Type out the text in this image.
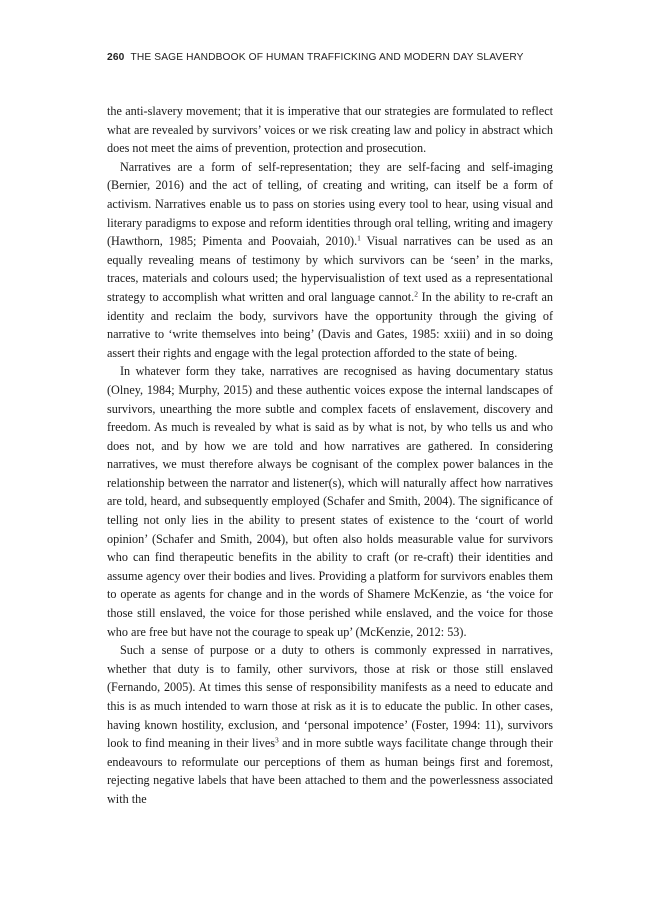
260 THE SAGE HANDBOOK OF HUMAN TRAFFICKING AND MODERN DAY SLAVERY

the anti-slavery movement; that it is imperative that our strategies are formulated to reflect what are revealed by survivors’ voices or we risk creating law and policy in abstract which does not meet the aims of prevention, protection and prosecution.

Narratives are a form of self-representation; they are self-facing and self-imaging (Bernier, 2016) and the act of telling, of creating and writing, can itself be a form of activism. Narratives enable us to pass on stories using every tool to hear, using visual and literary paradigms to expose and reform identities through oral telling, writing and imagery (Hawthorn, 1985; Pimenta and Poovaiah, 2010).$^1$ Visual narratives can be used as an equally revealing means of testimony by which survivors can be ‘seen’ in the marks, traces, materials and colours used; the hypervisualistion of text used as a representational strategy to accomplish what written and oral language cannot.$^2$ In the ability to re-craft an identity and reclaim the body, survivors have the opportunity through the giving of narrative to ‘write themselves into being’ (Davis and Gates, 1985: xxiii) and in so doing assert their rights and engage with the legal protection afforded to the state of being.

In whatever form they take, narratives are recognised as having documentary status (Olney, 1984; Murphy, 2015) and these authentic voices expose the internal landscapes of survivors, unearthing the more subtle and complex facets of enslavement, discovery and freedom. As much is revealed by what is said as by what is not, by who tells us and who does not, and by how we are told and how narratives are gathered. In considering narratives, we must therefore always be cognisant of the complex power balances in the relationship between the narrator and listener(s), which will naturally affect how narratives are told, heard, and subsequently employed (Schafer and Smith, 2004). The significance of telling not only lies in the ability to present states of existence to the ‘court of world opinion’ (Schafer and Smith, 2004), but often also holds measurable value for survivors who can find therapeutic benefits in the ability to craft (or re-craft) their identities and assume agency over their bodies and lives. Providing a platform for survivors enables them to operate as agents for change and in the words of Shamere McKenzie, as ‘the voice for those still enslaved, the voice for those perished while enslaved, and the voice for those who are free but have not the courage to speak up’ (McKenzie, 2012: 53).

Such a sense of purpose or a duty to others is commonly expressed in narratives, whether that duty is to family, other survivors, those at risk or those still enslaved (Fernando, 2005). At times this sense of responsibility manifests as a need to educate and this is as much intended to warn those at risk as it is to educate the public. In other cases, having known hostility, exclusion, and ‘personal impotence’ (Foster, 1994: 11), survivors look to find meaning in their lives$^3$ and in more subtle ways facilitate change through their endeavours to reformulate our perceptions of them as human beings first and foremost, rejecting negative labels that have been attached to them and the powerlessness associated with the
